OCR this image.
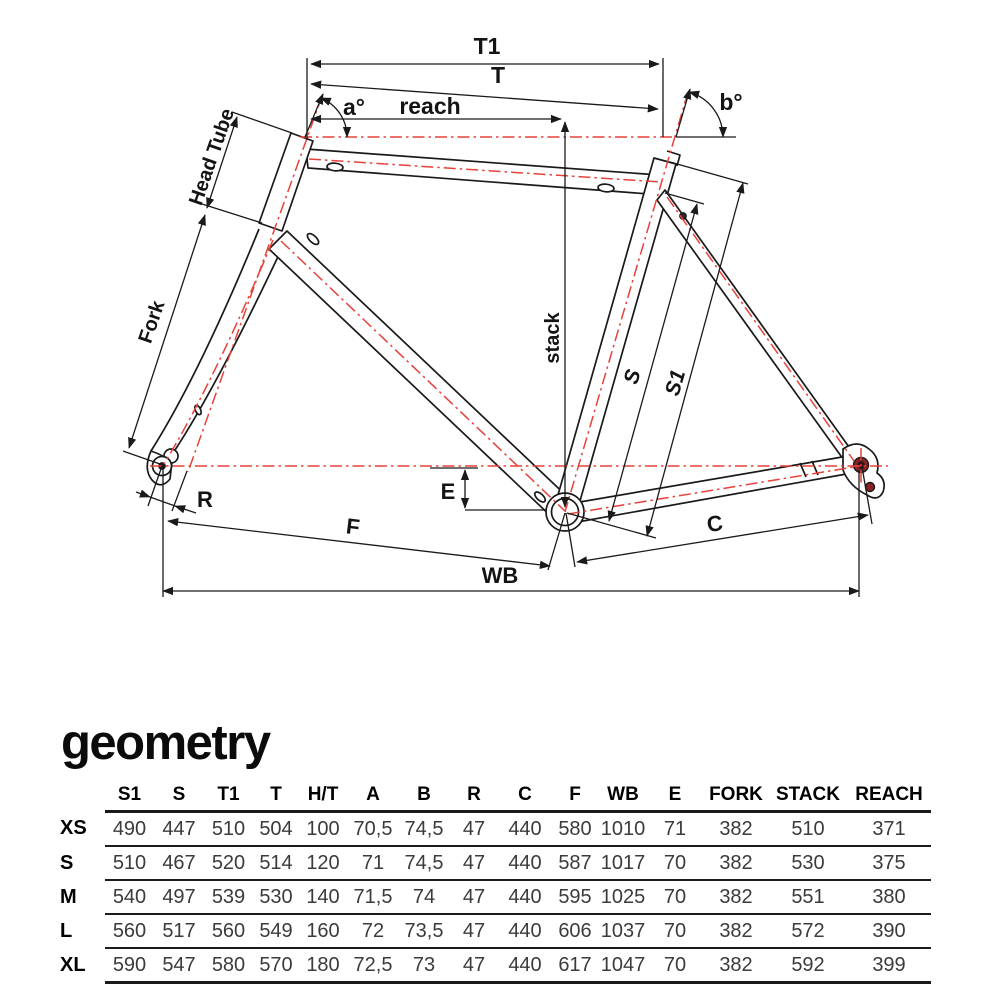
T1
T
reach
a°	b°
Head Tube
Fork	stack
S S1
R	E
F	C
WB
geometry
	S1	S	T1	T	H/T	A	B	R	C	F	WB	E	FORK	STACK	REACH
XS	490	447	510	504	100	70,5	74,5	47	440	580	1010	71	382	510	371
S	510	467	520	514	120	71	74,5	47	440	587	1017	70	382	530	375
M	540	497	539	530	140	71,5	74	47	440	595	1025	70	382	551	380
L	560	517	560	549	160	72	73,5	47	440	606	1037	70	382	572	390
XL	590	547	580	570	180	72,5	73	47	440	617	1047	70	382	592	399
